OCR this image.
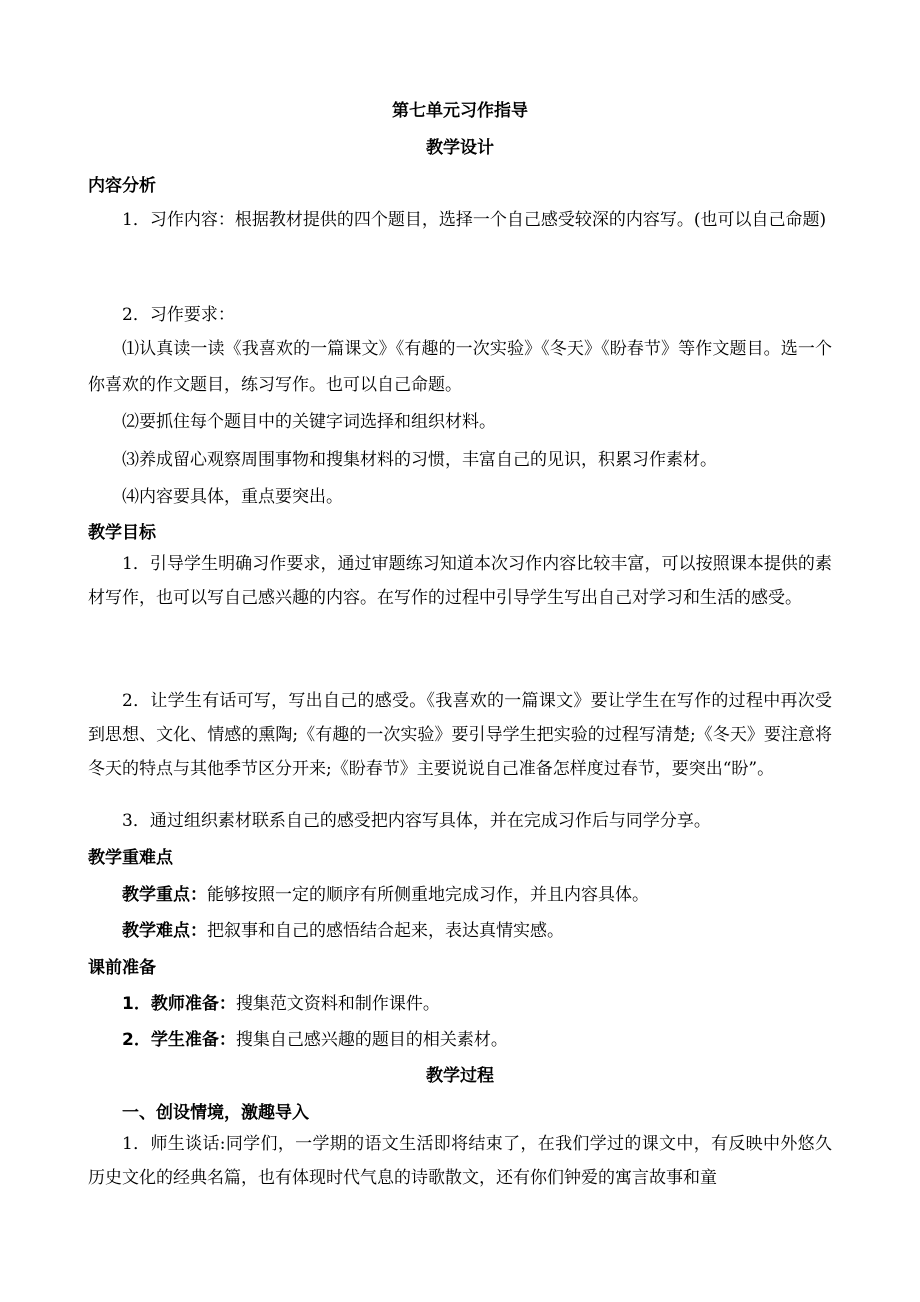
第七单元习作指导
教学设计
内容分析
1．习作内容：根据教材提供的四个题目，选择一个自己感受较深的内容写。(也可以自己命题)
2．习作要求：
⑴认真读一读《我喜欢的一篇课文》《有趣的一次实验》《冬天》《盼春节》等作文题目。选一个你喜欢的作文题目，练习写作。也可以自己命题。
⑵要抓住每个题目中的关键字词选择和组织材料。
⑶养成留心观察周围事物和搜集材料的习惯，丰富自己的见识，积累习作素材。
⑷内容要具体，重点要突出。
教学目标
1．引导学生明确习作要求，通过审题练习知道本次习作内容比较丰富，可以按照课本提供的素材写作，也可以写自己感兴趣的内容。在写作的过程中引导学生写出自己对学习和生活的感受。
2．让学生有话可写，写出自己的感受。《我喜欢的一篇课文》要让学生在写作的过程中再次受到思想、文化、情感的熏陶;《有趣的一次实验》要引导学生把实验的过程写清楚;《冬天》要注意将冬天的特点与其他季节区分开来;《盼春节》主要说说自己准备怎样度过春节，要突出“盼”。
3．通过组织素材联系自己的感受把内容写具体，并在完成习作后与同学分享。
教学重难点
教学重点：能够按照一定的顺序有所侧重地完成习作，并且内容具体。
教学难点：把叙事和自己的感悟结合起来，表达真情实感。
课前准备
1．教师准备：搜集范文资料和制作课件。
2．学生准备：搜集自己感兴趣的题目的相关素材。
教学过程
一、创设情境，激趣导入
1．师生谈话:同学们，一学期的语文生活即将结束了，在我们学过的课文中，有反映中外悠久历史文化的经典名篇，也有体现时代气息的诗歌散文，还有你们钟爱的寓言故事和童
